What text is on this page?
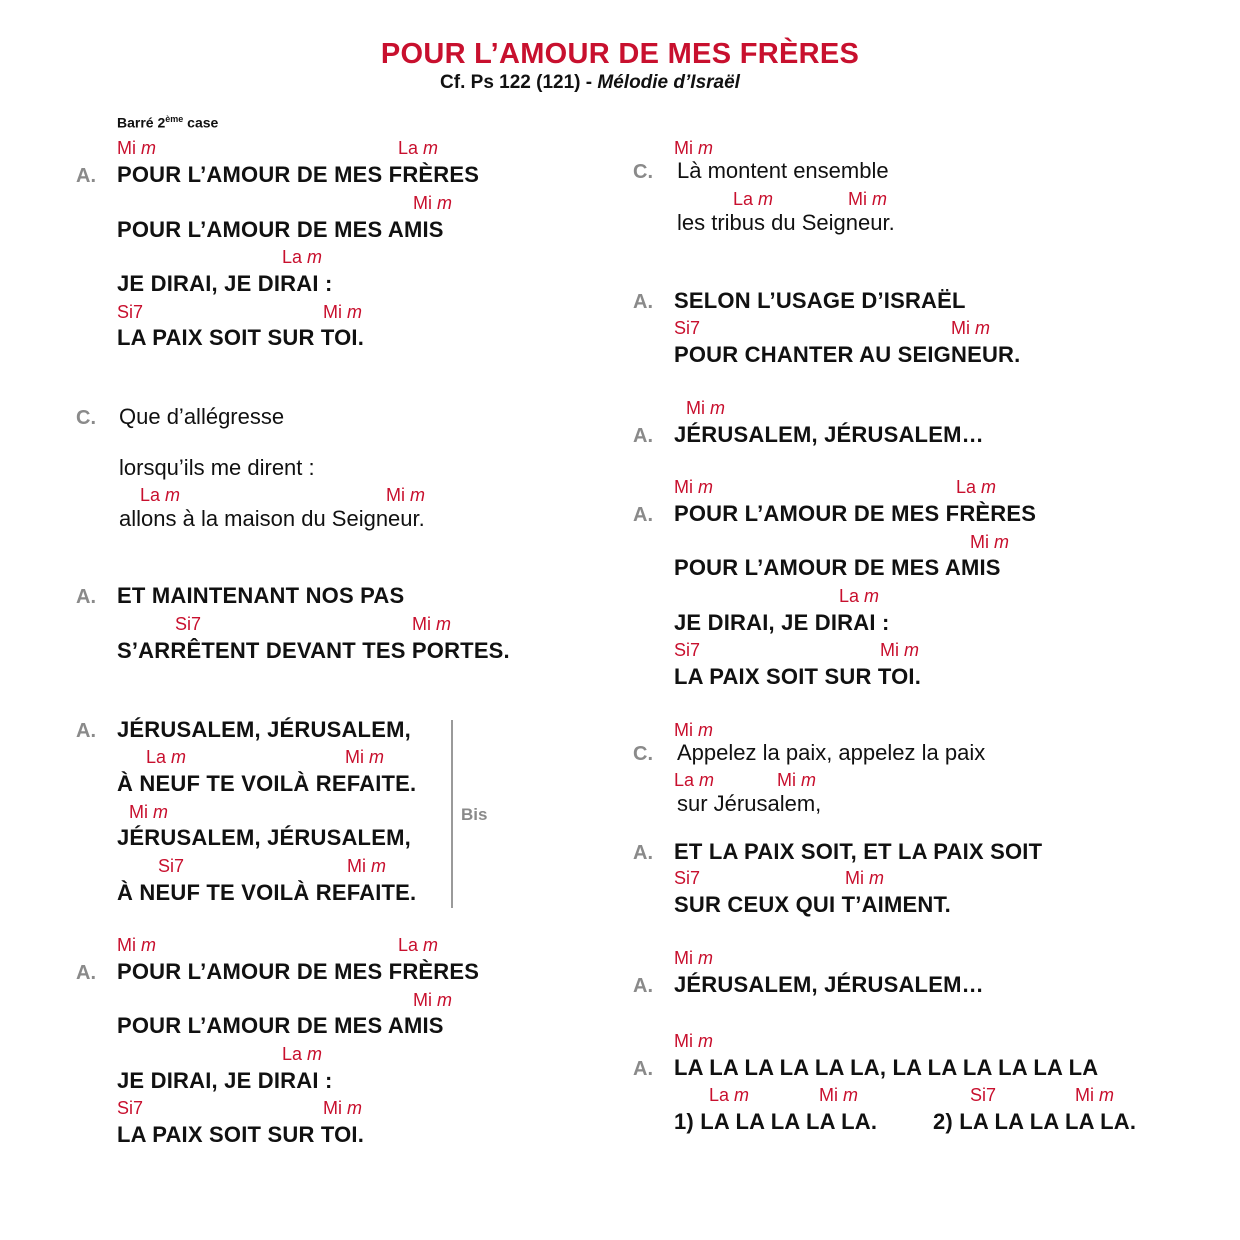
POUR L’AMOUR DE MES FRÈRES
Cf. Ps 122 (121) - Mélodie d’Israël
Barré 2ème case
A.
Mi m	La m
POUR L’AMOUR DE MES FRÈRES
Mi m
POUR L’AMOUR DE MES AMIS
La m
JE DIRAI, JE DIRAI :
Si7	Mi m
LA PAIX SOIT SUR TOI.
C. Que d’allégresse
lorsqu’ils me dirent :
La m	Mi m
allons à la maison du Seigneur.
A. ET MAINTENANT NOS PAS
Si7	Mi m
S’ARRÊTENT DEVANT TES PORTES.
A. JÉRUSALEM, JÉRUSALEM,
La m	Mi m
À NEUF TE VOILÀ REFAITE.
Mi m
JÉRUSALEM, JÉRUSALEM,
Si7	Mi m
À NEUF TE VOILÀ REFAITE.
Bis
A.
Mi m	La m
POUR L’AMOUR DE MES FRÈRES
Mi m
POUR L’AMOUR DE MES AMIS
La m
JE DIRAI, JE DIRAI :
Si7	Mi m
LA PAIX SOIT SUR TOI.
C.
Mi m
Là montent ensemble
La m	Mi m
les tribus du Seigneur.
A. SELON L’USAGE D’ISRAËL
Si7	Mi m
POUR CHANTER AU SEIGNEUR.
A.
Mi m
JÉRUSALEM, JÉRUSALEM…
A.
Mi m	La m
POUR L’AMOUR DE MES FRÈRES
Mi m
POUR L’AMOUR DE MES AMIS
La m
JE DIRAI, JE DIRAI :
Si7	Mi m
LA PAIX SOIT SUR TOI.
C.
Mi m
Appelez la paix, appelez la paix
La m	Mi m
sur Jérusalem,
A. ET LA PAIX SOIT, ET LA PAIX SOIT
Si7	Mi m
SUR CEUX QUI T’AIMENT.
A.
Mi m
JÉRUSALEM, JÉRUSALEM…
A.
Mi m
LA LA LA LA LA LA, LA LA LA LA LA LA
La m	Mi m	Si7	Mi m
1) LA LA LA LA LA.	2) LA LA LA LA LA.
